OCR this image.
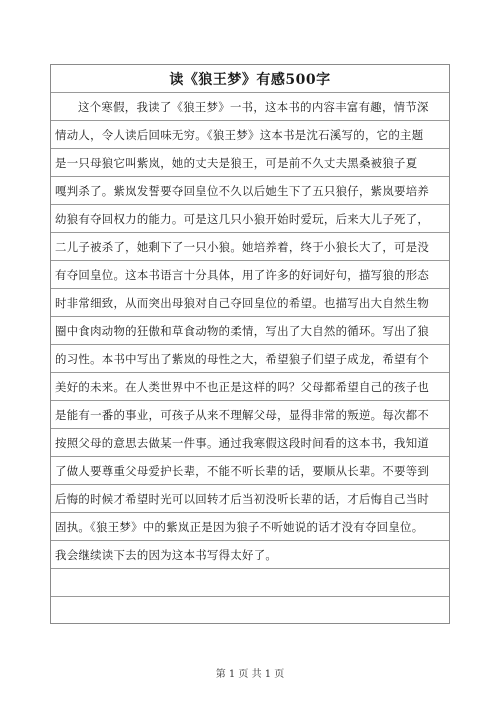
读《狼王梦》有感500字
这个寒假，我读了《狼王梦》一书，这本书的内容丰富有趣，情节深
情动人，令人读后回味无穷。《狼王梦》这本书是沈石溪写的，它的主题
是一只母狼它叫紫岚，她的丈夫是狼王，可是前不久丈夫黑桑被狼子夏
嘎判杀了。紫岚发誓要夺回皇位不久以后她生下了五只狼仔，紫岚要培养
幼狼有夺回权力的能力。可是这几只小狼开始时爱玩，后来大儿子死了，
二儿子被杀了，她剩下了一只小狼。她培养着，终于小狼长大了，可是没
有夺回皇位。这本书语言十分具体，用了许多的好词好句，描写狼的形态
时非常细致，从而突出母狼对自己夺回皇位的希望。也描写出大自然生物
圈中食肉动物的狂傲和草食动物的柔情，写出了大自然的循环。写出了狼
的习性。本书中写出了紫岚的母性之大，希望狼子们望子成龙，希望有个
美好的未来。在人类世界中不也正是这样的吗？父母都希望自己的孩子也
是能有一番的事业，可孩子从来不理解父母，显得非常的叛逆。每次都不
按照父母的意思去做某一件事。通过我寒假这段时间看的这本书，我知道
了做人要尊重父母爱护长辈，不能不听长辈的话，要顺从长辈。不要等到
后悔的时候才希望时光可以回转才后当初没听长辈的话，才后悔自己当时
固执。《狼王梦》中的紫岚正是因为狼子不听她说的话才没有夺回皇位。
我会继续读下去的因为这本书写得太好了。
第 1 页 共 1 页
